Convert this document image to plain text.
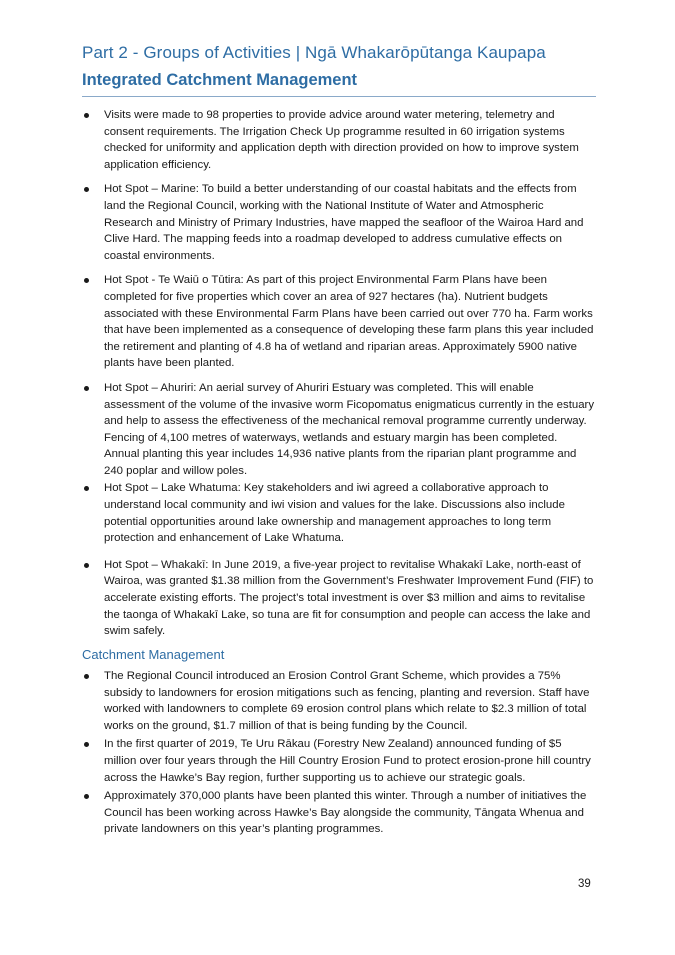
Part 2 - Groups of Activities | Ngā Whakarōpūtanga Kaupapa
Integrated Catchment Management
Visits were made to 98 properties to provide advice around water metering, telemetry and consent requirements. The Irrigation Check Up programme resulted in 60 irrigation systems checked for uniformity and application depth with direction provided on how to improve system application efficiency.
Hot Spot – Marine: To build a better understanding of our coastal habitats and the effects from land the Regional Council, working with the National Institute of Water and Atmospheric Research and Ministry of Primary Industries, have mapped the seafloor of the Wairoa Hard and Clive Hard. The mapping feeds into a roadmap developed to address cumulative effects on coastal environments.
Hot Spot - Te Waiū o Tūtira: As part of this project Environmental Farm Plans have been completed for five properties which cover an area of 927 hectares (ha). Nutrient budgets associated with these Environmental Farm Plans have been carried out over 770 ha. Farm works that have been implemented as a consequence of developing these farm plans this year included the retirement and planting of 4.8 ha of wetland and riparian areas. Approximately 5900 native plants have been planted.
Hot Spot – Ahuriri: An aerial survey of Ahuriri Estuary was completed. This will enable assessment of the volume of the invasive worm Ficopomatus enigmaticus currently in the estuary and help to assess the effectiveness of the mechanical removal programme currently underway. Fencing of 4,100 metres of waterways, wetlands and estuary margin has been completed. Annual planting this year includes 14,936 native plants from the riparian plant programme and 240 poplar and willow poles.
Hot Spot – Lake Whatuma: Key stakeholders and iwi agreed a collaborative approach to understand local community and iwi vision and values for the lake. Discussions also include potential opportunities around lake ownership and management approaches to long term protection and enhancement of Lake Whatuma.
Hot Spot – Whakakī: In June 2019, a five-year project to revitalise Whakakī Lake, north-east of Wairoa, was granted $1.38 million from the Government’s Freshwater Improvement Fund (FIF) to accelerate existing efforts. The project’s total investment is over $3 million and aims to revitalise the taonga of Whakakī Lake, so tuna are fit for consumption and people can access the lake and swim safely.
Catchment Management
The Regional Council introduced an Erosion Control Grant Scheme, which provides a 75% subsidy to landowners for erosion mitigations such as fencing, planting and reversion. Staff have worked with landowners to complete 69 erosion control plans which relate to $2.3 million of total works on the ground, $1.7 million of that is being funding by the Council.
In the first quarter of 2019, Te Uru Rākau (Forestry New Zealand) announced funding of $5 million over four years through the Hill Country Erosion Fund to protect erosion-prone hill country across the Hawke’s Bay region, further supporting us to achieve our strategic goals.
Approximately 370,000 plants have been planted this winter. Through a number of initiatives the Council has been working across Hawke’s Bay alongside the community, Tāngata Whenua and private landowners on this year’s planting programmes.
39
